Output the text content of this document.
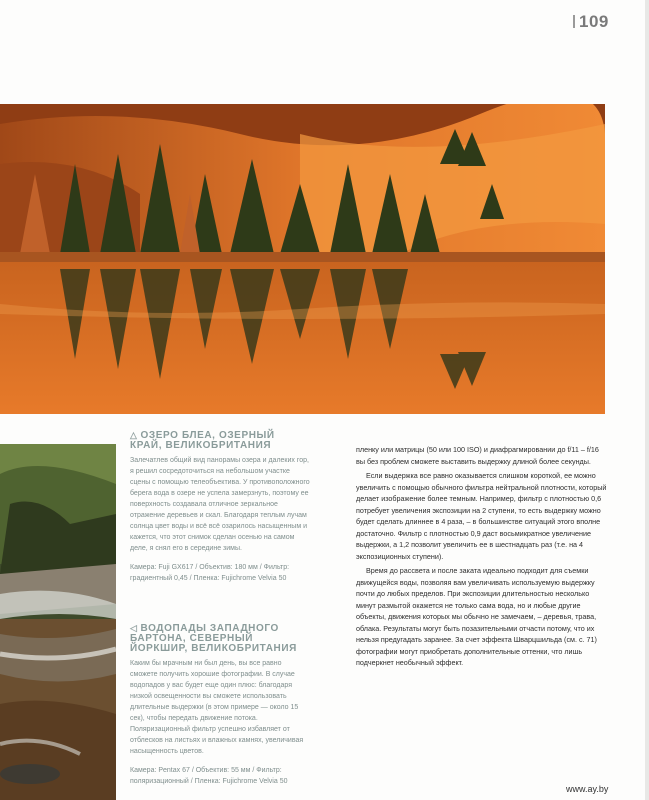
109
△ ОЗЕРО БЛЕА, ОЗЕРНЫЙ КРАЙ, ВЕЛИКОБРИТАНИЯ
Залечатлев общий вид панорамы озера и далеких гор, я решил сосредоточиться на небольшом участке сцены с помощью телеобъектива. У противоположного берега вода в озере не успела замерзнуть, поэтому ее поверхность создавала отличное зеркальное отражение деревьев и скал. Благодаря теплым лучам солнца цвет воды и всё всё озарилось насыщенным и кажется, что этот снимок сделан осенью на самом деле, я снял его в середине зимы.
Камера: Fuji GX617 / Объектив: 180 мм / Фильтр: градиентный 0,45 / Пленка: Fujichrome Velvia 50
◁ ВОДОПАДЫ ЗАПАДНОГО БАРТОНА, СЕВЕРНЫЙ ЙОРКШИР, ВЕЛИКОБРИТАНИЯ
Каким бы мрачным ни был день, вы все равно сможете получить хорошие фотографии. В случае водопадов у вас будет еще один плюс: благодаря низкой освещенности вы сможете использовать длительные выдержки (в этом примере — около 15 сек), чтобы передать движение потока. Поляризационный фильтр успешно избавляет от отблесков на листьях и влажных камнях, увеличивая насыщенность цветов.
Камера: Pentax 67 / Объектив: 55 мм / Фильтр: поляризационный / Пленка: Fujichrome Velvia 50

пленку или матрицы (50 или 100 ISO) и диафрагмировании до f/11 – f/16 вы без проблем сможете выставить выдержку длиной более секунды.

Если выдержка все равно оказывается слишком короткой, ее можно увеличить с помощью обычного фильтра нейтральной плотности, который делает изображение более темным. Например, фильтр с плотностью 0,6 потребует увеличения экспозиции на 2 ступени, то есть выдержку можно будет сделать длиннее в 4 раза, – в большинстве ситуаций этого вполне достаточно. Фильтр с плотностью 0,9 даст восьмикратное увеличение выдержки, а 1,2 позволит увеличить ее в шестнадцать раз (т.е. на 4 экспозиционных ступени).

Время до рассвета и после заката идеально подходит для съемки движущейся воды, позволяя вам увеличивать используемую выдержку почти до любых пределов. При экспозиции длительностью несколько минут размытой окажется не только сама вода, но и любые другие объекты, движения которых мы обычно не замечаем, – деревья, трава, облака. Результаты могут быть позазительными отчасти потому, что их нельзя предугадать заранее. За счет эффекта Шварцшильда (см. с. 71) фотографии могут приобретать дополнительные оттенки, что лишь подчеркнет необычный эффект.

www.ay.by
